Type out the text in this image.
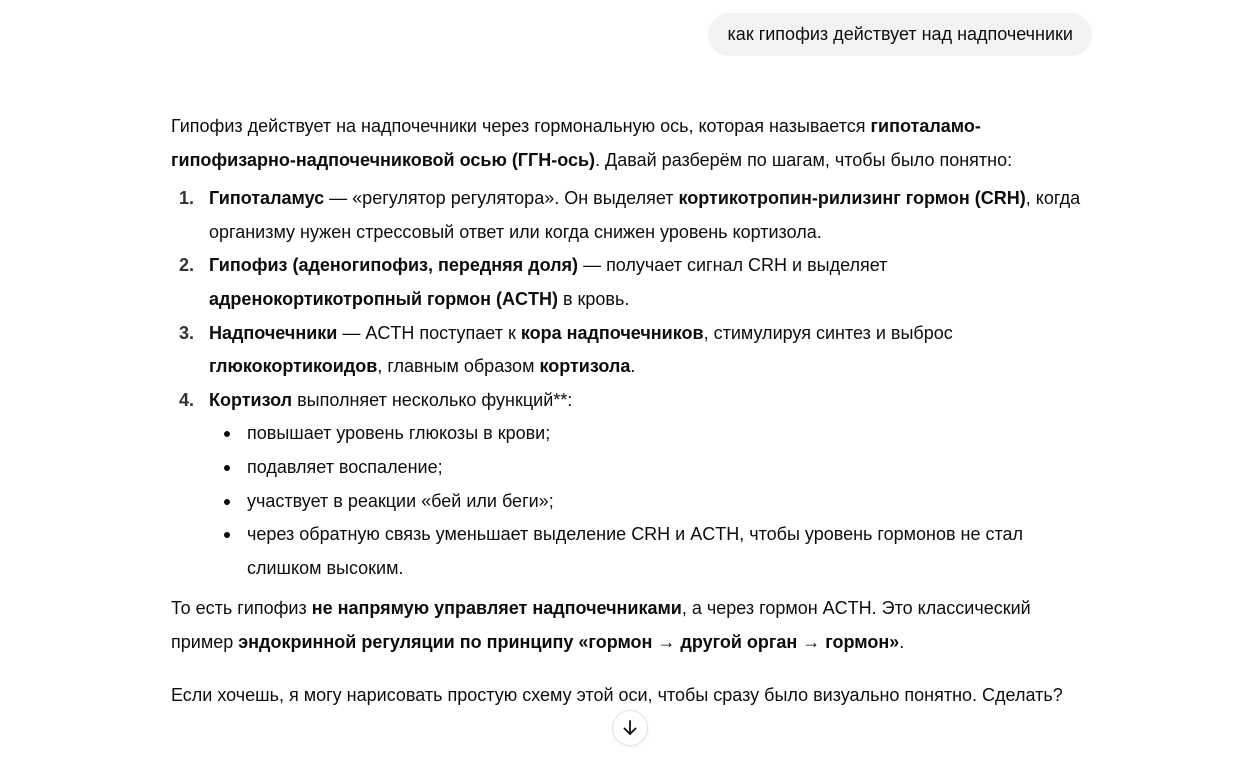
как гипофиз действует над надпочечники

Гипофиз действует на надпочечники через гормональную ось, которая называется гипоталамо-гипофизарно-надпочечниковой осью (ГГН-ось). Давай разберём по шагам, чтобы было понятно:

1. Гипоталамус — «регулятор регулятора». Он выделяет кортикотропин-рилизинг гормон (CRH), когда организму нужен стрессовый ответ или когда снижен уровень кортизола.
2. Гипофиз (аденогипофиз, передняя доля) — получает сигнал CRH и выделяет адренокортикотропный гормон (ACTH) в кровь.
3. Надпочечники — ACTH поступает к кора надпочечников, стимулируя синтез и выброс глюкокортикоидов, главным образом кортизола.
4. Кортизол выполняет несколько функций**:
повышает уровень глюкозы в крови;
подавляет воспаление;
участвует в реакции «бей или беги»;
через обратную связь уменьшает выделение CRH и ACTH, чтобы уровень гормонов не стал слишком высоким.

То есть гипофиз не напрямую управляет надпочечниками, а через гормон ACTH. Это классический пример эндокринной регуляции по принципу «гормон → другой орган → гормон».

Если хочешь, я могу нарисовать простую схему этой оси, чтобы сразу было визуально понятно. Сделать?
